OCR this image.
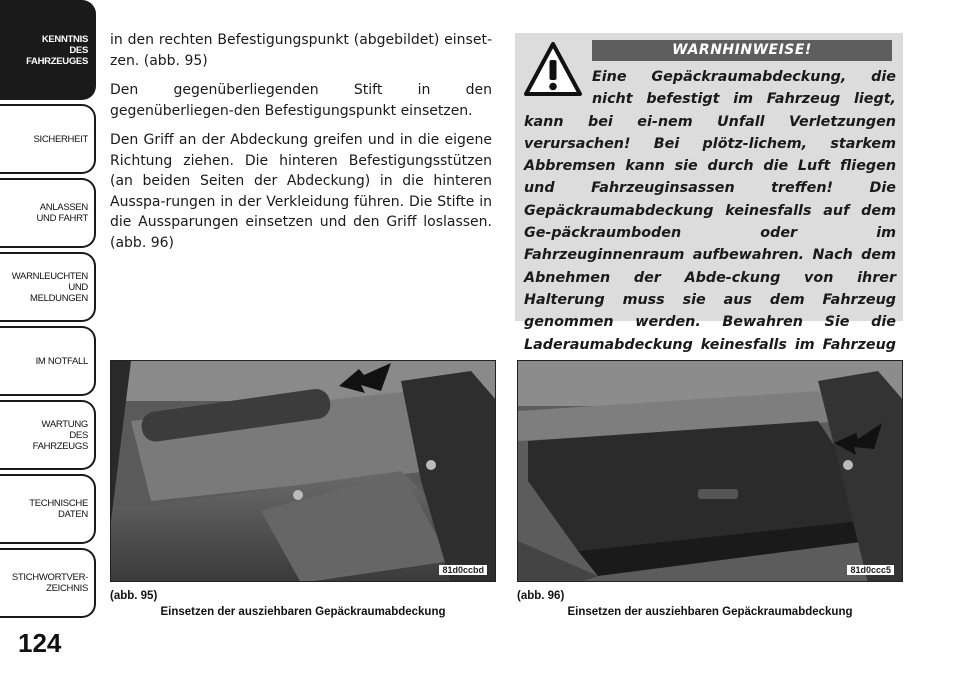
KENNTNIS
DES
FAHRZEUGES
SICHERHEIT
ANLASSEN
UND FAHRT
WARNLEUCHTEN
UND
MELDUNGEN
IM NOTFALL
WARTUNG
DES
FAHRZEUGS
TECHNISCHE
DATEN
STICHWORTVER-
ZEICHNIS
124

in den rechten Befestigungspunkt (abgebildet) einset-zen. (abb. 95)

Den gegenüberliegenden Stift in den gegenüberliegen-den Befestigungspunkt einsetzen.

Den Griff an der Abdeckung greifen und in die eigene Richtung ziehen. Die hinteren Befestigungsstützen (an beiden Seiten der Abdeckung) in die hinteren Ausspa-rungen in der Verkleidung führen. Die Stifte in die Aussparungen einsetzen und den Griff loslassen. (abb. 96)

WARNHINWEISE!
Eine Gepäckraumabdeckung, die nicht befestigt im Fahrzeug liegt, kann bei ei-nem Unfall Verletzungen verursachen! Bei plötz-lichem, starkem Abbremsen kann sie durch die Luft fliegen und Fahrzeuginsassen treffen! Die Gepäckraumabdeckung keinesfalls auf dem Ge-päckraumboden oder im Fahrzeuginnenraum aufbewahren. Nach dem Abnehmen der Abde-ckung von ihrer Halterung muss sie aus dem Fahrzeug genommen werden. Bewahren Sie die Laderaumabdeckung keinesfalls im Fahrzeug
81d0ccbd
(abb. 95)
Einsetzen der ausziehbaren Gepäckraumabdeckung
81d0ccc5
(abb. 96)
Einsetzen der ausziehbaren Gepäckraumabdeckung
